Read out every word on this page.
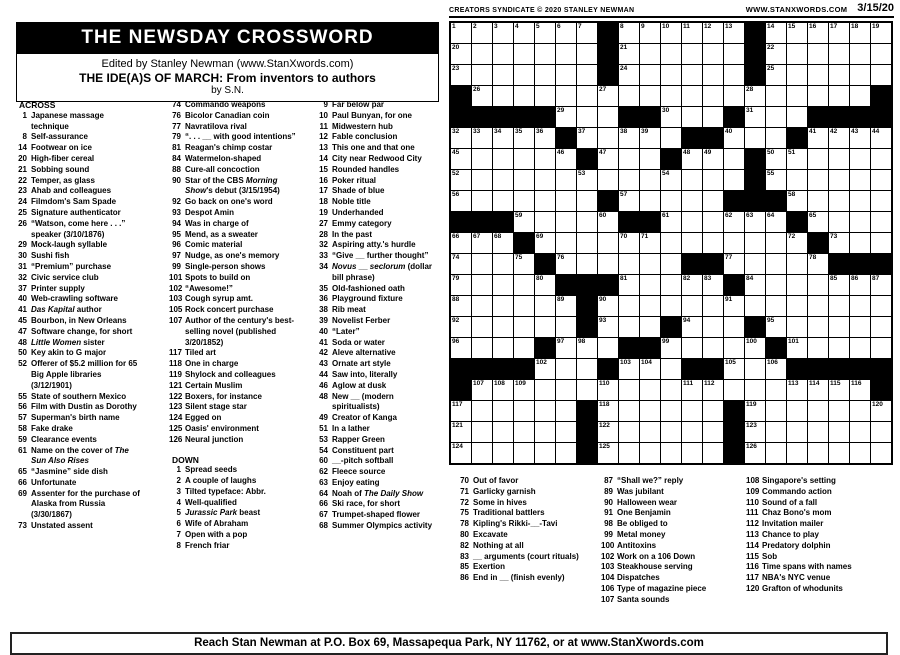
THE NEWSDAY CROSSWORD
Edited by Stanley Newman (www.StanXwords.com)
THE IDE(A)S OF MARCH: From inventors to authors
by S.N.
CREATORS SYNDICATE © 2020 STANLEY NEWMAN	WWW.STANXWORDS.COM 3/15/20
1	2	3	4	5	6	7	8	9	10 11 12 13	14 15 16 17 18 19
20	21	22
23	24	25
26	27	28
29	30	31
32 33 34 35 36	37	38 39	40	41 42 43 44
45	46	47	48 49	50 51
52	53	54	55
56	57	58
59	60	61	62 63 64	65
66 67 68	69	70 71	72	73
74	75	76	77	78
79	80	81	82 83	84	85 86 87
88	89	90	91
92	93	94	95
96	97 98	99	100	101
102	103 104	105	106
107 108 109	110	111 112	113 114 115 116
117	118	119	120
121	122	123
124	125	126
ACROSS
1 Japanese massage technique
8 Self-assurance
14 Footwear on ice
20 High-fiber cereal
21 Sobbing sound
22 Temper, as glass
23 Ahab and colleagues
24 Filmdom's Sam Spade
25 Signature authenticator
26 “Watson, come here . . .” speaker (3/10/1876)
29 Mock-laugh syllable
30 Sushi fish
31 “Premium” purchase
32 Civic service club
37 Printer supply
40 Web-crawling software
41 Das Kapital author
45 Bourbon, in New Orleans
47 Software change, for short
48 Little Women sister
50 Key akin to G major
52 Offerer of $5.2 million for 65 Big Apple libraries (3/12/1901)
55 State of southern Mexico
56 Film with Dustin as Dorothy
57 Superman's birth name
58 Fake drake
59 Clearance events
61 Name on the cover of The Sun Also Rises
65 “Jasmine” side dish
66 Unfortunate
69 Assenter for the purchase of Alaska from Russia (3/30/1867)
73 Unstated assent
74 Commando weapons
76 Bicolor Canadian coin
77 Navratilova rival
79 “. . . __ with good intentions”
81 Reagan's chimp costar
84 Watermelon-shaped
88 Cure-all concoction
90 Star of the CBS Morning Show's debut (3/15/1954)
92 Go back on one's word
93 Despot Amin
94 Was in charge of
95 Mend, as a sweater
96 Comic material
97 Nudge, as one's memory
99 Single-person shows
101 Spots to build on
102 “Awesome!”
103 Cough syrup amt.
105 Rock concert purchase
107 Author of the century's best-selling novel (published 3/20/1852)
117 Tiled art
118 One in charge
119 Shylock and colleagues
121 Certain Muslim
122 Boxers, for instance
123 Silent stage star
124 Egged on
125 Oasis' environment
126 Neural junction
DOWN
1 Spread seeds
2 A couple of laughs
3 Tilted typeface: Abbr.
4 Well-qualified
5 Jurassic Park beast
6 Wife of Abraham
7 Open with a pop
8 French friar
9 Far below par
10 Paul Bunyan, for one
11 Midwestern hub
12 Fable conclusion
13 This one and that one
14 City near Redwood City
15 Rounded handles
16 Poker ritual
17 Shade of blue
18 Noble title
19 Underhanded
27 Emmy category
28 In the past
32 Aspiring atty.'s hurdle
33 “Give __ further thought”
34 Novus __ seclorum (dollar bill phrase)
35 Old-fashioned oath
36 Playground fixture
38 Rib meat
39 Novelist Ferber
40 “Later”
41 Soda or water
42 Aleve alternative
43 Ornate art style
44 Saw into, literally
46 Aglow at dusk
48 New __ (modern spiritualists)
49 Creator of Kanga
51 In a lather
53 Rapper Green
54 Constituent part
60 __-pitch softball
62 Fleece source
63 Enjoy eating
64 Noah of The Daily Show
66 Ski race, for short
67 Trumpet-shaped flower
68 Summer Olympics activity
70 Out of favor
71 Garlicky garnish
72 Some in hives
75 Traditional battlers
78 Kipling's Rikki-__-Tavi
80 Excavate
82 Nothing at all
83 __ arguments (court rituals)
85 Exertion
86 End in __ (finish evenly)
87 “Shall we?” reply
89 Was jubilant
90 Halloween wear
91 One Benjamin
98 Be obliged to
99 Metal money
100 Antitoxins
102 Work on a 106 Down
103 Steakhouse serving
104 Dispatches
106 Type of magazine piece
107 Santa sounds
108 Singapore's setting
109 Commando action
110 Sound of a fall
111 Chaz Bono's mom
112 Invitation mailer
113 Chance to play
114 Predatory dolphin
115 Sob
116 Time spans with names
117 NBA's NYC venue
120 Grafton of whodunits
Reach Stan Newman at P.O. Box 69, Massapequa Park, NY 11762, or at www.StanXwords.com
